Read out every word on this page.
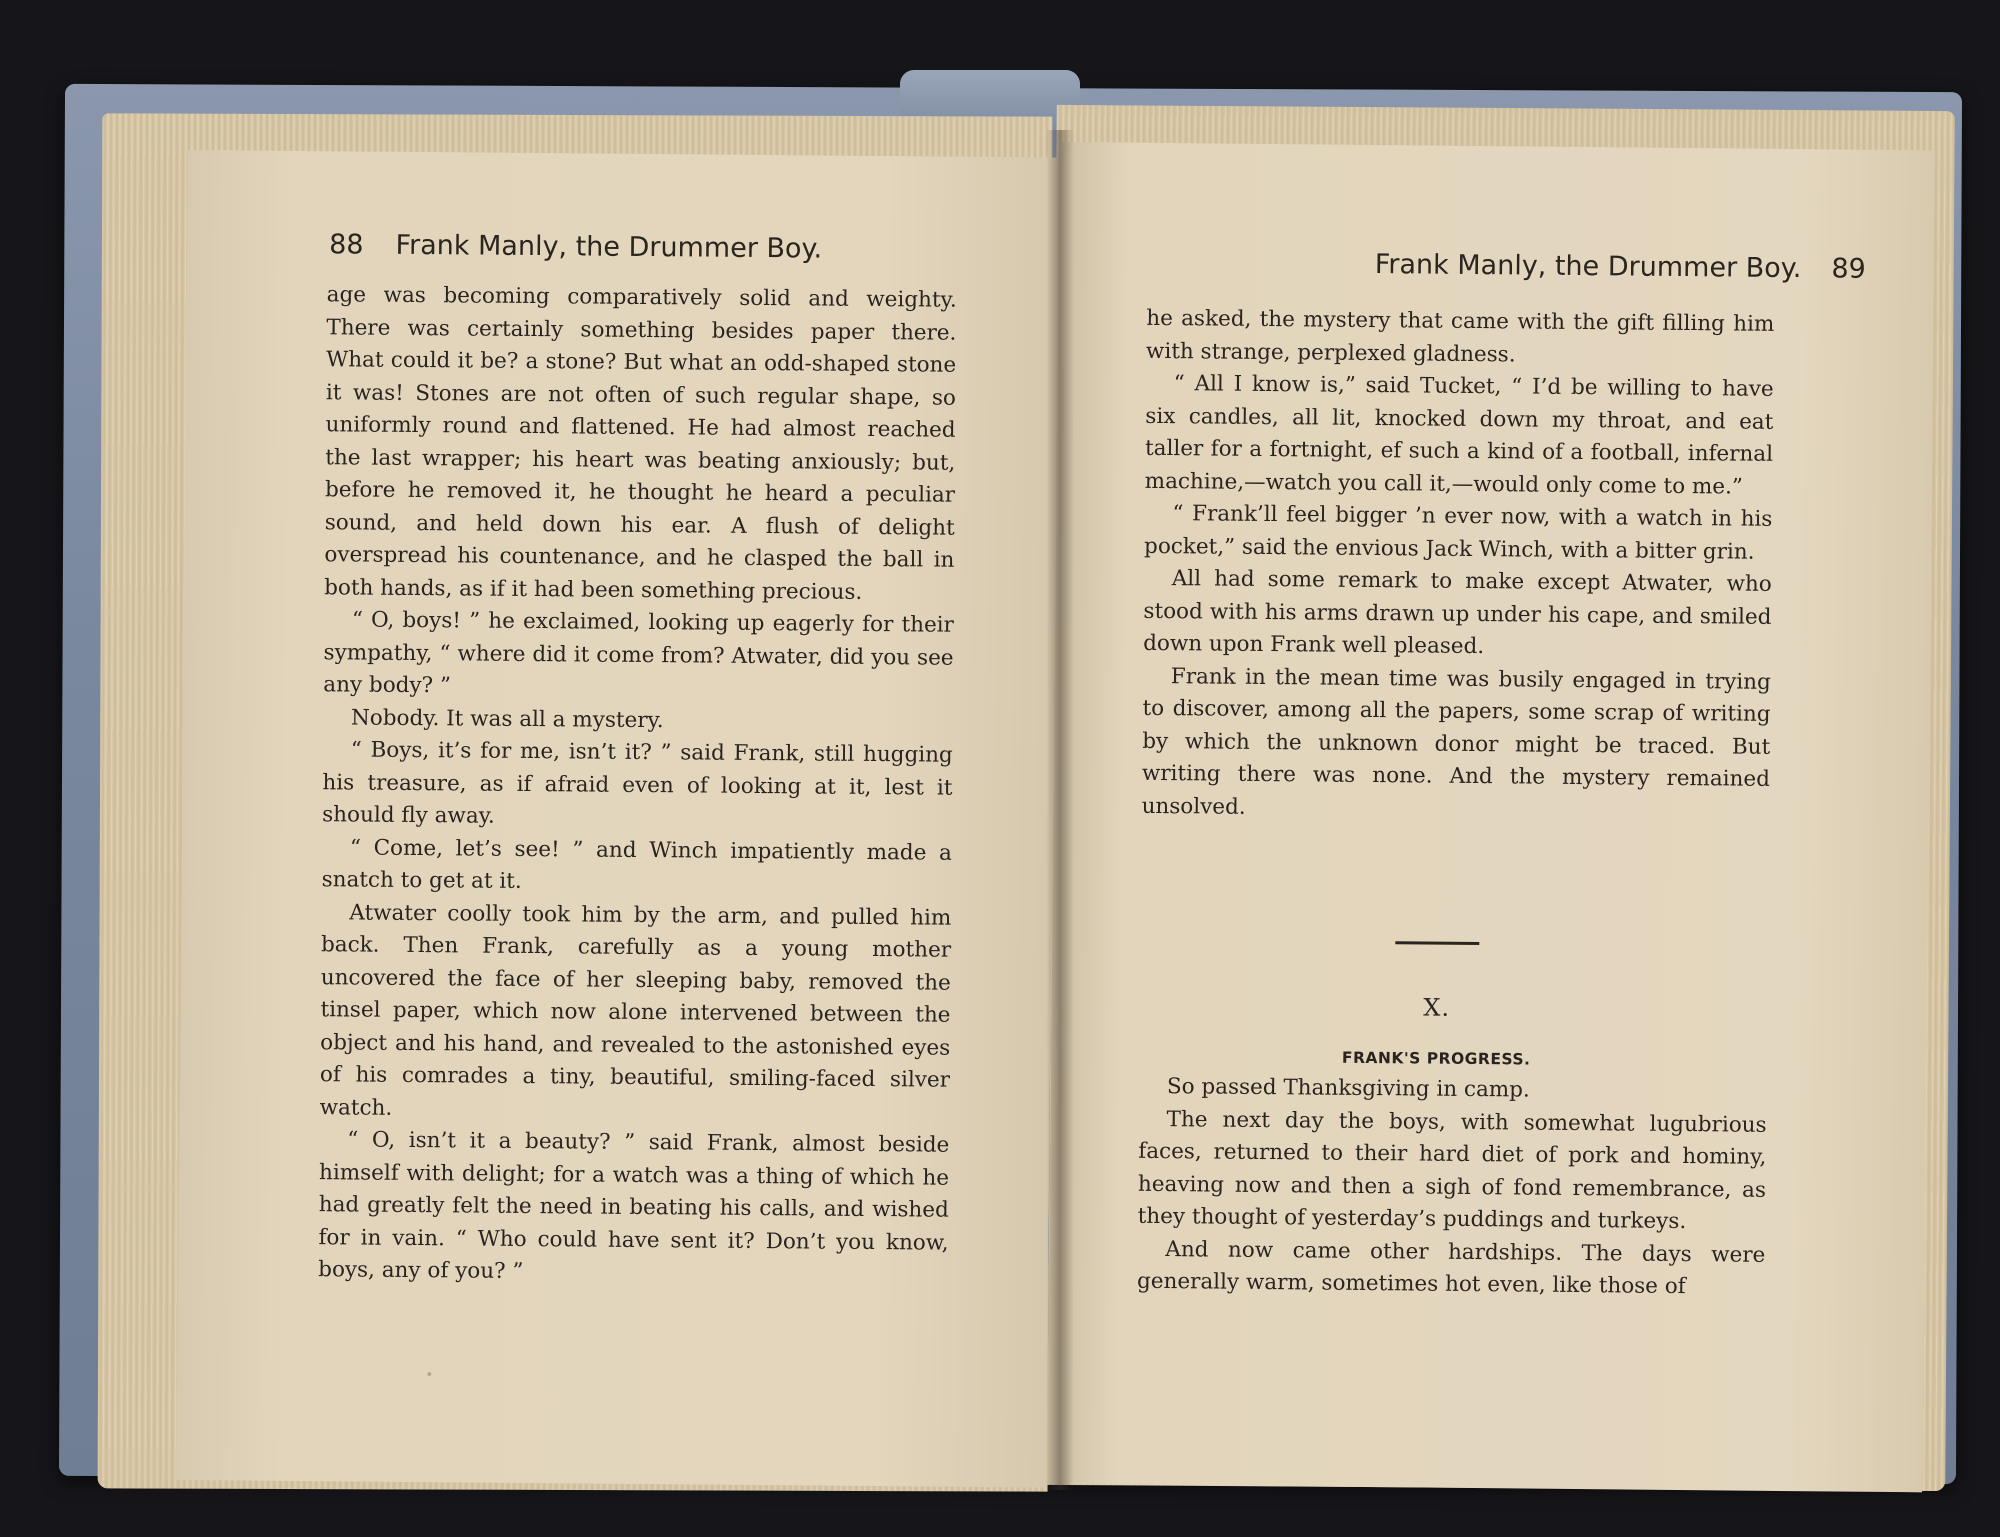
88 Frank Manly, the Drummer Boy.

age was becoming comparatively solid and weighty. There was certainly something besides paper there. What could it be? a stone? But what an odd-shaped stone it was! Stones are not often of such regular shape, so uniformly round and flattened. He had almost reached the last wrapper; his heart was beating anxiously; but, before he removed it, he thought he heard a peculiar sound, and held down his ear. A flush of delight overspread his countenance, and he clasped the ball in both hands, as if it had been something precious.

“ O, boys! ” he exclaimed, looking up eagerly for their sympathy, “ where did it come from? Atwater, did you see any body? ”

Nobody. It was all a mystery.

“ Boys, it’s for me, isn’t it? ” said Frank, still hugging his treasure, as if afraid even of looking at it, lest it should fly away.

“ Come, let’s see! ” and Winch impatiently made a snatch to get at it.

Atwater coolly took him by the arm, and pulled him back. Then Frank, carefully as a young mother uncovered the face of her sleeping baby, removed the tinsel paper, which now alone intervened between the object and his hand, and revealed to the astonished eyes of his comrades a tiny, beautiful, smiling-faced silver watch.

“ O, isn’t it a beauty? ” said Frank, almost beside himself with delight; for a watch was a thing of which he had greatly felt the need in beating his calls, and wished for in vain. “ Who could have sent it? Don’t you know, boys, any of you? ”

Frank Manly, the Drummer Boy. 89

he asked, the mystery that came with the gift filling him with strange, perplexed gladness.

“ All I know is,” said Tucket, “ I’d be willing to have six candles, all lit, knocked down my throat, and eat taller for a fortnight, ef such a kind of a football, infernal machine,—watch you call it,—would only come to me.”

“ Frank’ll feel bigger ’n ever now, with a watch in his pocket,” said the envious Jack Winch, with a bitter grin.

All had some remark to make except Atwater, who stood with his arms drawn up under his cape, and smiled down upon Frank well pleased.

Frank in the mean time was busily engaged in trying to discover, among all the papers, some scrap of writing by which the unknown donor might be traced. But writing there was none. And the mystery remained unsolved.

X.
FRANK'S PROGRESS.

So passed Thanksgiving in camp.

The next day the boys, with somewhat lugubrious faces, returned to their hard diet of pork and hominy, heaving now and then a sigh of fond remembrance, as they thought of yesterday’s puddings and turkeys.

And now came other hardships. The days were generally warm, sometimes hot even, like those of
